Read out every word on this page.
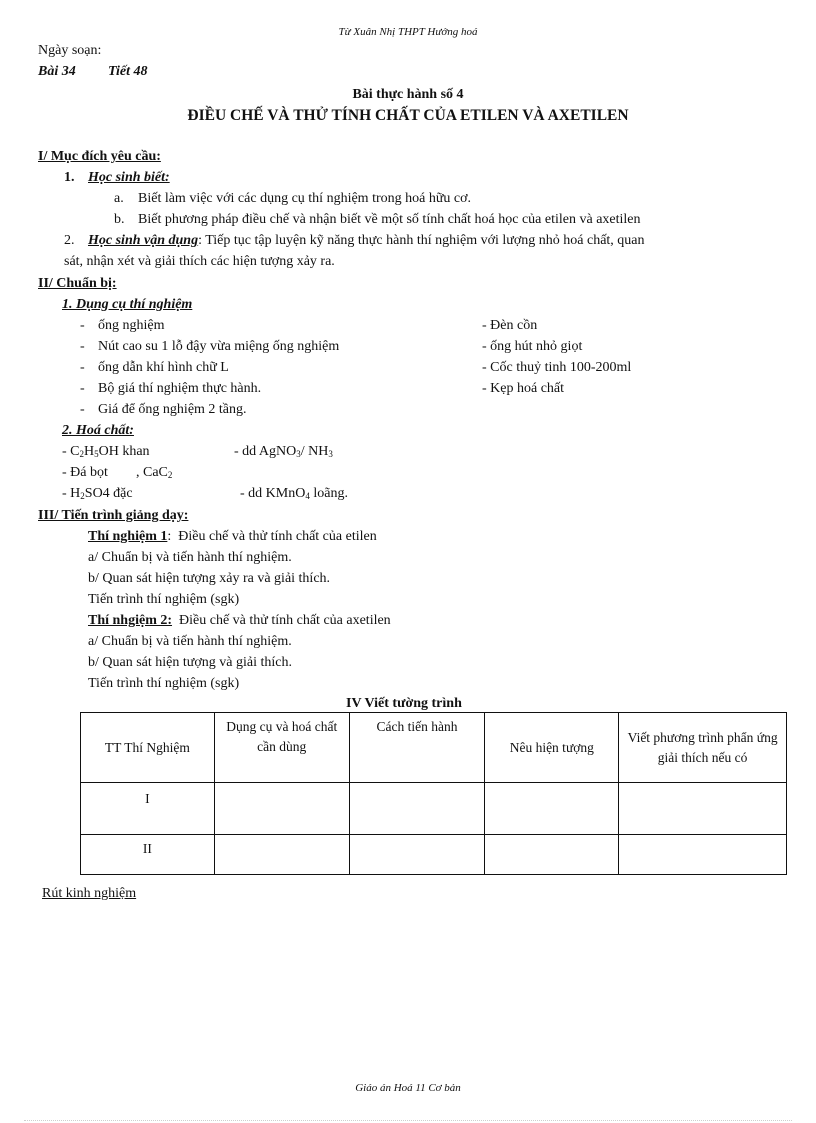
Từ Xuân Nhị THPT Hướng hoá
Ngày soạn:
Bài 34 Tiết 48
Bài thực hành số 4
ĐIỀU CHẾ VÀ THỬ TÍNH CHẤT CỦA ETILEN VÀ AXETILEN
I/ Mục đích yêu cầu:
1. Học sinh biết:
a. Biết làm việc với các dụng cụ thí nghiệm trong hoá hữu cơ.
b. Biết phương pháp điều chế và nhận biết về một số tính chất hoá học của etilen và axetilen
2. Học sinh vận dụng: Tiếp tục tập luyện kỹ năng thực hành thí nghiệm với lượng nhỏ hoá chất, quan
sát, nhận xét và giải thích các hiện tượng xảy ra.
II/ Chuẩn bị:
1. Dụng cụ thí nghiệm
- ống nghiệm
- Nút cao su 1 lỗ đậy vừa miệng ống nghiệm
- ống dẫn khí hình chữ L
- Bộ giá thí nghiệm thực hành.
- Giá để ống nghiệm 2 tầng.
- Đèn cồn
- ống hút nhỏ giọt
- Cốc thuỷ tinh 100-200ml
- Kẹp hoá chất
2. Hoá chất:
- $C_2H_5OH$ khan	- dd AgNO$_3$/ $NH_3$
- Đá bọt , CaC$_2$
- $H_2SO4$ đặc	- dd KMnO$_4$ loãng.
III/ Tiến trình giảng dạy:
Thí nghiệm 1: Điều chế và thử tính chất của etilen
a/ Chuẩn bị và tiến hành thí nghiệm.
b/ Quan sát hiện tượng xảy ra và giải thích.
Tiến trình thí nghiệm (sgk)
Thí nhgiệm 2: Điều chế và thử tính chất của axetilen
a/ Chuẩn bị và tiến hành thí nghiệm.
b/ Quan sát hiện tượng và giải thích.
Tiến trình thí nghiệm (sgk)
IV Viết tường trình
TT Thí Nghiệm	Dụng cụ và hoá chất cần dùng	Cách tiến hành	Nêu hiện tượng	Viết phương trình phẩn ứng giải thích nếu có
I				
II				
Rút kinh nghiệm
Giáo án Hoá 11 Cơ bản
